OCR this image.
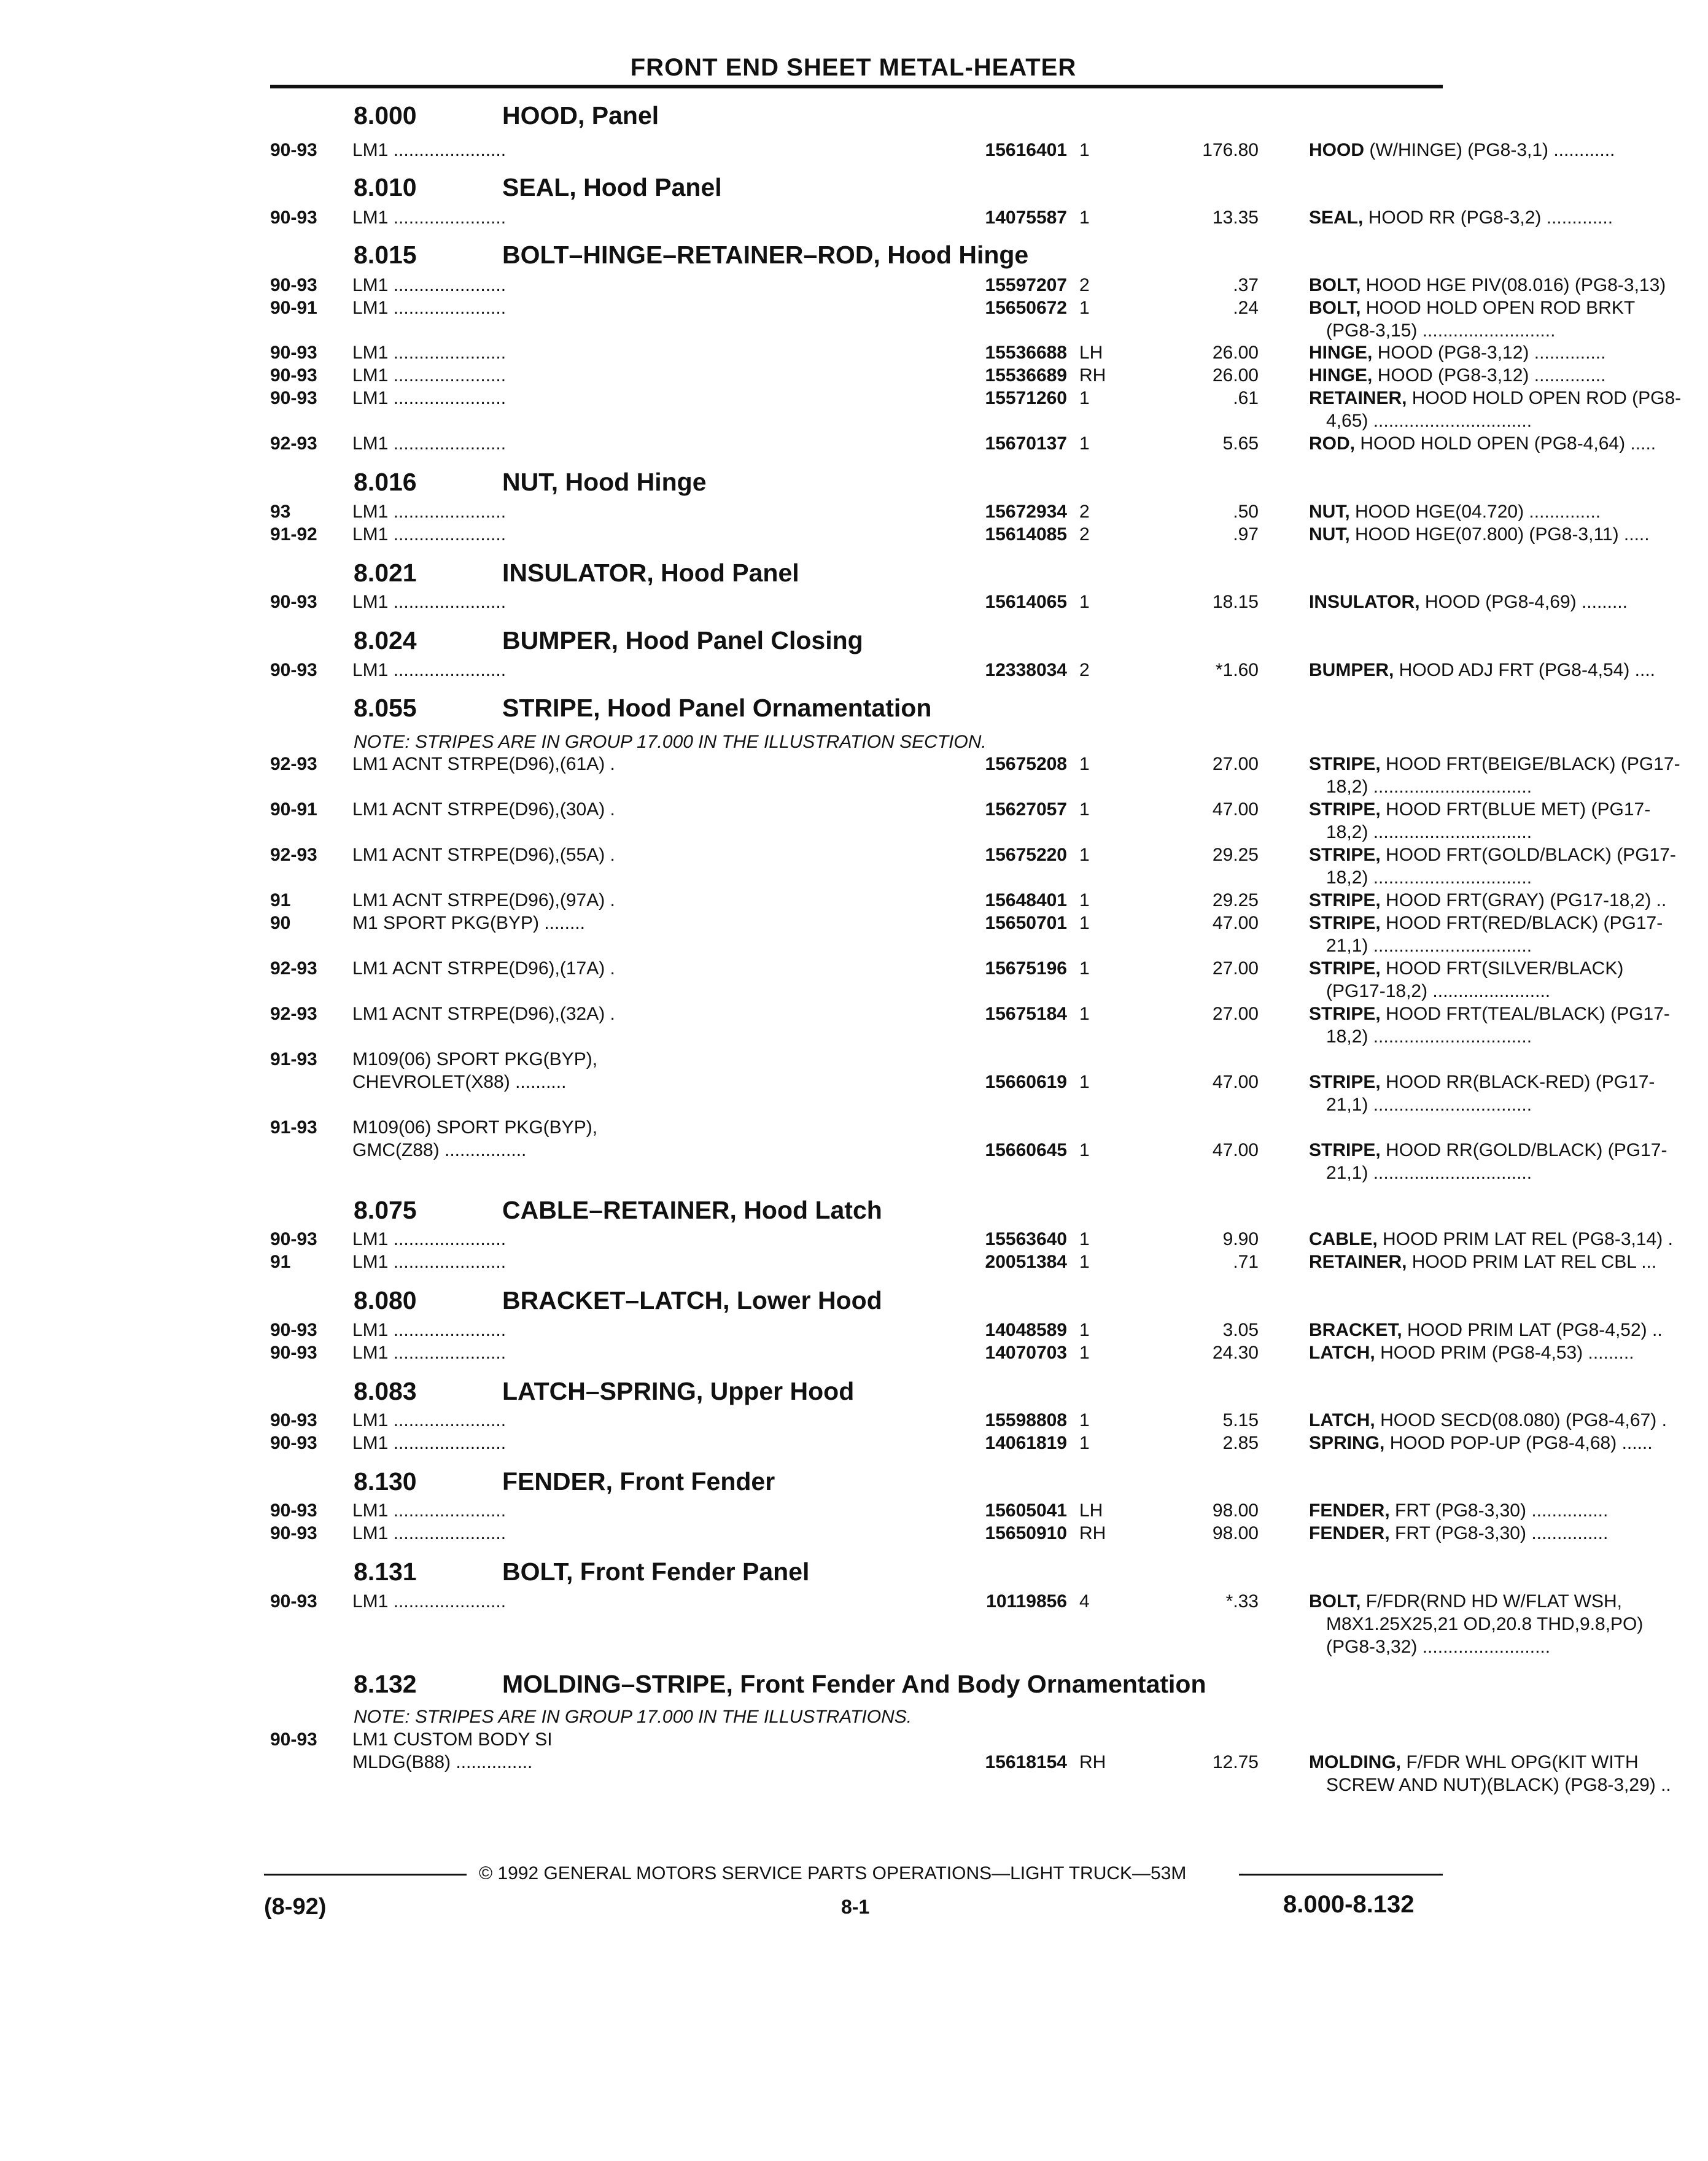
FRONT END SHEET METAL-HEATER
8.000	HOOD, Panel
8.010	SEAL, Hood Panel
8.015	BOLT–HINGE–RETAINER–ROD, Hood Hinge
8.016	NUT, Hood Hinge
8.021	INSULATOR, Hood Panel
8.024	BUMPER, Hood Panel Closing
8.055	STRIPE, Hood Panel Ornamentation
8.075	CABLE–RETAINER, Hood Latch
8.080	BRACKET–LATCH, Lower Hood
8.083	LATCH–SPRING, Upper Hood
8.130	FENDER, Front Fender
8.131	BOLT, Front Fender Panel
8.132	MOLDING–STRIPE, Front Fender And Body Ornamentation
NOTE: STRIPES ARE IN GROUP 17.000 IN THE ILLUSTRATION SECTION.
NOTE: STRIPES ARE IN GROUP 17.000 IN THE ILLUSTRATIONS.
90-93 LM1 ......................	15616401 1	176.80	HOOD (W/HINGE) (PG8-3,1) ............
90-93 LM1 ......................	14075587 1	13.35	SEAL, HOOD RR (PG8-3,2) .............
90-93 LM1 ......................	15597207 2	.37	BOLT, HOOD HGE PIV(08.016) (PG8-3,13)
90-91 LM1 ......................	15650672 1	.24	BOLT, HOOD HOLD OPEN ROD BRKT
(PG8-3,15) ..........................
90-93 LM1 ......................	15536688 LH	26.00	HINGE, HOOD (PG8-3,12) ..............
90-93 LM1 ......................	15536689 RH	26.00	HINGE, HOOD (PG8-3,12) ..............
90-93 LM1 ......................	15571260 1	.61	RETAINER, HOOD HOLD OPEN ROD (PG8-
4,65) ...............................
92-93 LM1 ......................	15670137 1	5.65	ROD, HOOD HOLD OPEN (PG8-4,64) .....
93	LM1 ......................	15672934 2	.50	NUT, HOOD HGE(04.720) ..............
91-92 LM1 ......................	15614085 2	.97	NUT, HOOD HGE(07.800) (PG8-3,11) .....
90-93 LM1 ......................	15614065 1	18.15	INSULATOR, HOOD (PG8-4,69) .........
90-93 LM1 ......................	12338034 2	*1.60	BUMPER, HOOD ADJ FRT (PG8-4,54) ....
92-93 LM1 ACNT STRPE(D96),(61A) .	15675208 1	27.00	STRIPE, HOOD FRT(BEIGE/BLACK) (PG17-
18,2) ...............................
90-91 LM1 ACNT STRPE(D96),(30A) .	15627057 1	47.00	STRIPE, HOOD FRT(BLUE MET) (PG17-
18,2) ...............................
92-93 LM1 ACNT STRPE(D96),(55A) .	15675220 1	29.25	STRIPE, HOOD FRT(GOLD/BLACK) (PG17-
18,2) ...............................
91	LM1 ACNT STRPE(D96),(97A) .	15648401 1	29.25	STRIPE, HOOD FRT(GRAY) (PG17-18,2) ..
90	M1 SPORT PKG(BYP) ........	15650701 1	47.00	STRIPE, HOOD FRT(RED/BLACK) (PG17-
21,1) ...............................
92-93 LM1 ACNT STRPE(D96),(17A) .	15675196 1	27.00	STRIPE, HOOD FRT(SILVER/BLACK)
(PG17-18,2) .......................
92-93 LM1 ACNT STRPE(D96),(32A) .	15675184 1	27.00	STRIPE, HOOD FRT(TEAL/BLACK) (PG17-
18,2) ...............................
91-93 M109(06) SPORT PKG(BYP),
CHEVROLET(X88) ..........	15660619 1	47.00	STRIPE, HOOD RR(BLACK-RED) (PG17-
21,1) ...............................
91-93 M109(06) SPORT PKG(BYP),
GMC(Z88) ................	15660645 1	47.00	STRIPE, HOOD RR(GOLD/BLACK) (PG17-
21,1) ...............................
90-93 LM1 ......................	15563640 1	9.90	CABLE, HOOD PRIM LAT REL (PG8-3,14) .
91	LM1 ......................	20051384 1	.71	RETAINER, HOOD PRIM LAT REL CBL ...
90-93 LM1 ......................	14048589 1	3.05	BRACKET, HOOD PRIM LAT (PG8-4,52) ..
90-93 LM1 ......................	14070703 1	24.30	LATCH, HOOD PRIM (PG8-4,53) .........
90-93 LM1 ......................	15598808 1	5.15	LATCH, HOOD SECD(08.080) (PG8-4,67) .
90-93 LM1 ......................	14061819 1	2.85	SPRING, HOOD POP-UP (PG8-4,68) ......
90-93 LM1 ......................	15605041 LH	98.00	FENDER, FRT (PG8-3,30) ...............
90-93 LM1 ......................	15650910 RH	98.00	FENDER, FRT (PG8-3,30) ...............
90-93 LM1 ......................	10119856 4	*.33	BOLT, F/FDR(RND HD W/FLAT WSH,
M8X1.25X25,21 OD,20.8 THD,9.8,PO)
(PG8-3,32) .........................
90-93 LM1 CUSTOM BODY SI
MLDG(B88) ...............	15618154 RH	12.75	MOLDING, F/FDR WHL OPG(KIT WITH
SCREW AND NUT)(BLACK) (PG8-3,29) ..
© 1992 GENERAL MOTORS SERVICE PARTS OPERATIONS—LIGHT TRUCK—53M
(8-92)	8-1	8.000-8.132
